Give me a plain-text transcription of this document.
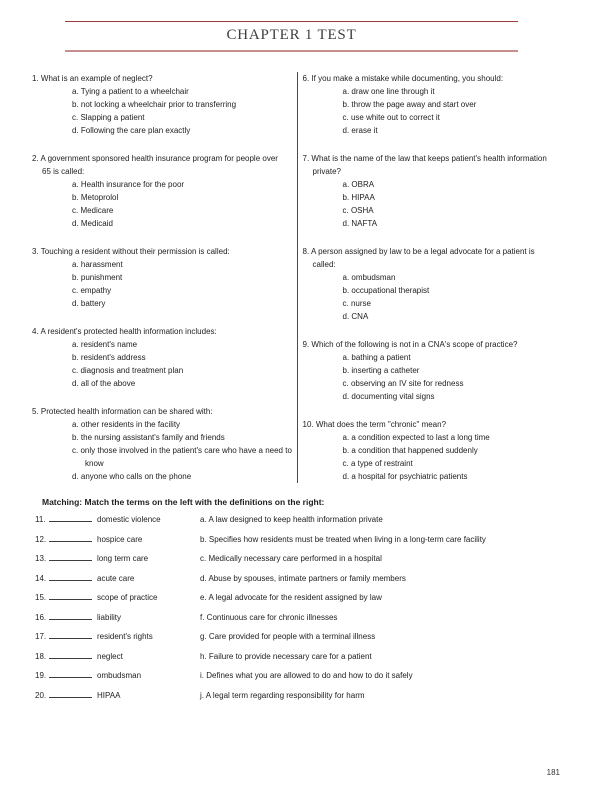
CHAPTER 1 TEST
1. What is an example of neglect?
a. Tying a patient to a wheelchair
b. not locking a wheelchair prior to transferring
c. Slapping a patient
d. Following the care plan exactly
2. A government sponsored health insurance program for people over
65 is called:
a. Health insurance for the poor
b. Metoprolol
c. Medicare
d. Medicaid
3. Touching a resident without their permission is called:
a. harassment
b. punishment
c. empathy
d. battery
4. A resident's protected health information includes:
a. resident's name
b. resident's address
c. diagnosis and treatment plan
d. all of the above
5. Protected health information can be shared with:
a. other residents in the facility
b. the nursing assistant's family and friends
c. only those involved in the patient's care who have a need to
know
d. anyone who calls on the phone
6. If you make a mistake while documenting, you should:
a. draw one line through it
b. throw the page away and start over
c. use white out to correct it
d. erase it
7. What is the name of the law that keeps patient's health information
private?
a. OBRA
b. HIPAA
c. OSHA
d. NAFTA
8. A person assigned by law to be a legal advocate for a patient is
called:
a. ombudsman
b. occupational therapist
c. nurse
d. CNA
9. Which of the following is not in a CNA's scope of practice?
a. bathing a patient
b. inserting a catheter
c. observing an IV site for redness
d. documenting vital signs
10. What does the term "chronic" mean?
a. a condition expected to last a long time
b. a condition that happened suddenly
c. a type of restraint
d. a hospital for psychiatric patients
Matching: Match the terms on the left with the definitions on the right:
11.	domestic violence	a. A law designed to keep health information private
12.	hospice care	b. Specifies how residents must be treated when living in a long-term care facility
13.	long term care	c. Medically necessary care performed in a hospital
14.	acute care	d. Abuse by spouses, intimate partners or family members
15.	scope of practice	e. A legal advocate for the resident assigned by law
16.	liability	f. Continuous care for chronic illnesses
17.	resident's rights	g. Care provided for people with a terminal illness
18.	neglect	h. Failure to provide necessary care for a patient
19.	ombudsman	i. Defines what you are allowed to do and how to do it safely
20.	HIPAA	j. A legal term regarding responsibility for harm
181
